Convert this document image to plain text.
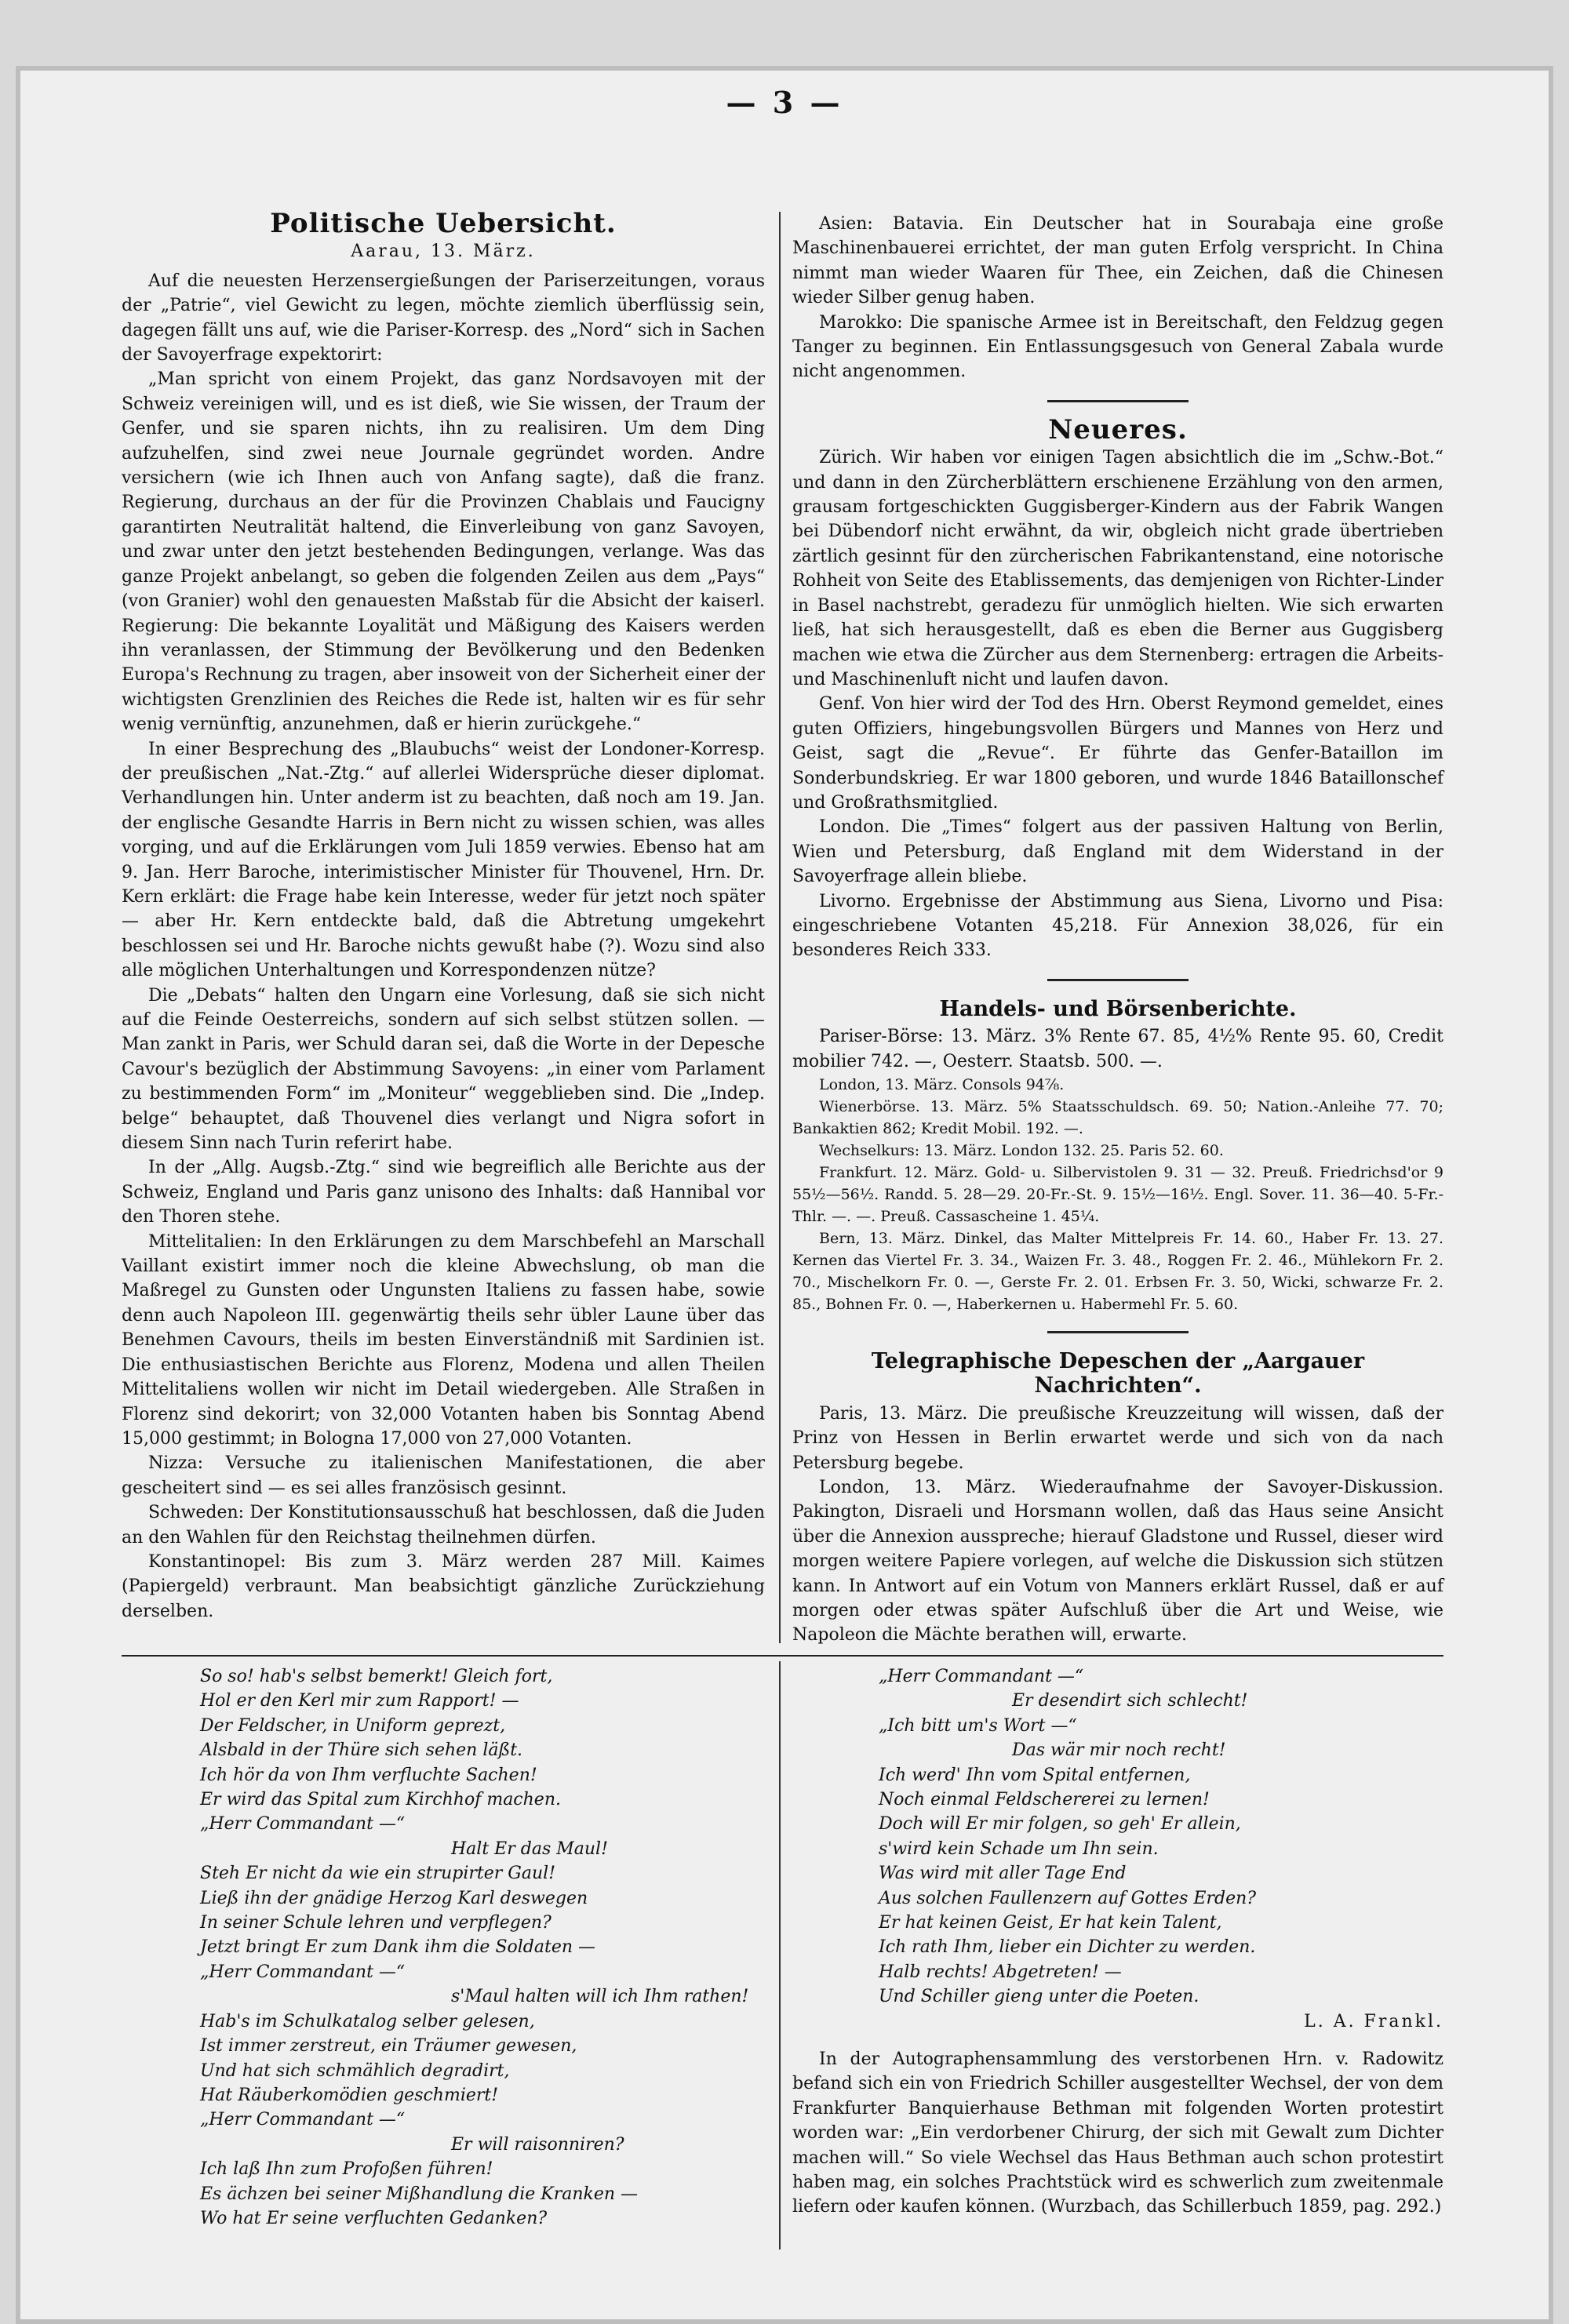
— 3 —
Politische Uebersicht.
Aarau, 13. März.

Auf die neuesten Herzensergießungen der Pariserzeitungen, voraus der „Patrie“, viel Gewicht zu legen, möchte ziemlich überflüssig sein, dagegen fällt uns auf, wie die Pariser-Korresp. des „Nord“ sich in Sachen der Savoyerfrage expektorirt:

„Man spricht von einem Projekt, das ganz Nordsavoyen mit der Schweiz vereinigen will, und es ist dieß, wie Sie wissen, der Traum der Genfer, und sie sparen nichts, ihn zu realisiren. Um dem Ding aufzuhelfen, sind zwei neue Journale gegründet worden. Andre versichern (wie ich Ihnen auch von Anfang sagte), daß die franz. Regierung, durchaus an der für die Provinzen Chablais und Faucigny garantirten Neutralität haltend, die Einverleibung von ganz Savoyen, und zwar unter den jetzt bestehenden Bedingungen, verlange. Was das ganze Projekt anbelangt, so geben die folgenden Zeilen aus dem „Pays“ (von Granier) wohl den genauesten Maßstab für die Absicht der kaiserl. Regierung: Die bekannte Loyalität und Mäßigung des Kaisers werden ihn veranlassen, der Stimmung der Bevölkerung und den Bedenken Europa's Rechnung zu tragen, aber insoweit von der Sicherheit einer der wichtigsten Grenzlinien des Reiches die Rede ist, halten wir es für sehr wenig vernünftig, anzunehmen, daß er hierin zurückgehe.“

In einer Besprechung des „Blaubuchs“ weist der Londoner-Korresp. der preußischen „Nat.-Ztg.“ auf allerlei Widersprüche dieser diplomat. Verhandlungen hin. Unter anderm ist zu beachten, daß noch am 19. Jan. der englische Gesandte Harris in Bern nicht zu wissen schien, was alles vorging, und auf die Erklärungen vom Juli 1859 verwies. Ebenso hat am 9. Jan. Herr Baroche, interimistischer Minister für Thouvenel, Hrn. Dr. Kern erklärt: die Frage habe kein Interesse, weder für jetzt noch später — aber Hr. Kern entdeckte bald, daß die Abtretung umgekehrt beschlossen sei und Hr. Baroche nichts gewußt habe (?). Wozu sind also alle möglichen Unterhaltungen und Korrespondenzen nütze?

Die „Debats“ halten den Ungarn eine Vorlesung, daß sie sich nicht auf die Feinde Oesterreichs, sondern auf sich selbst stützen sollen. — Man zankt in Paris, wer Schuld daran sei, daß die Worte in der Depesche Cavour's bezüglich der Abstimmung Savoyens: „in einer vom Parlament zu bestimmenden Form“ im „Moniteur“ weggeblieben sind. Die „Indep. belge“ behauptet, daß Thouvenel dies verlangt und Nigra sofort in diesem Sinn nach Turin referirt habe.

In der „Allg. Augsb.-Ztg.“ sind wie begreiflich alle Berichte aus der Schweiz, England und Paris ganz unisono des Inhalts: daß Hannibal vor den Thoren stehe.

Mittelitalien: In den Erklärungen zu dem Marschbefehl an Marschall Vaillant existirt immer noch die kleine Abwechslung, ob man die Maßregel zu Gunsten oder Ungunsten Italiens zu fassen habe, sowie denn auch Napoleon III. gegenwärtig theils sehr übler Laune über das Benehmen Cavours, theils im besten Einverständniß mit Sardinien ist. Die enthusiastischen Berichte aus Florenz, Modena und allen Theilen Mittelitaliens wollen wir nicht im Detail wiedergeben. Alle Straßen in Florenz sind dekorirt; von 32,000 Votanten haben bis Sonntag Abend 15,000 gestimmt; in Bologna 17,000 von 27,000 Votanten.

Nizza: Versuche zu italienischen Manifestationen, die aber gescheitert sind — es sei alles französisch gesinnt.

Schweden: Der Konstitutionsausschuß hat beschlossen, daß die Juden an den Wahlen für den Reichstag theilnehmen dürfen.

Konstantinopel: Bis zum 3. März werden 287 Mill. Kaimes (Papiergeld) verbraunt. Man beabsichtigt gänzliche Zurückziehung derselben.

Asien: Batavia. Ein Deutscher hat in Sourabaja eine große Maschinenbauerei errichtet, der man guten Erfolg verspricht. In China nimmt man wieder Waaren für Thee, ein Zeichen, daß die Chinesen wieder Silber genug haben.

Marokko: Die spanische Armee ist in Bereitschaft, den Feldzug gegen Tanger zu beginnen. Ein Entlassungsgesuch von General Zabala wurde nicht angenommen.

Neueres.

Zürich. Wir haben vor einigen Tagen absichtlich die im „Schw.-Bot.“ und dann in den Zürcherblättern erschienene Erzählung von den armen, grausam fortgeschickten Guggisberger-Kindern aus der Fabrik Wangen bei Dübendorf nicht erwähnt, da wir, obgleich nicht grade übertrieben zärtlich gesinnt für den zürcherischen Fabrikantenstand, eine notorische Rohheit von Seite des Etablissements, das demjenigen von Richter-Linder in Basel nachstrebt, geradezu für unmöglich hielten. Wie sich erwarten ließ, hat sich herausgestellt, daß es eben die Berner aus Guggisberg machen wie etwa die Zürcher aus dem Sternenberg: ertragen die Arbeits- und Maschinenluft nicht und laufen davon.

Genf. Von hier wird der Tod des Hrn. Oberst Reymond gemeldet, eines guten Offiziers, hingebungsvollen Bürgers und Mannes von Herz und Geist, sagt die „Revue“. Er führte das Genfer-Bataillon im Sonderbundskrieg. Er war 1800 geboren, und wurde 1846 Bataillonschef und Großrathsmitglied.

London. Die „Times“ folgert aus der passiven Haltung von Berlin, Wien und Petersburg, daß England mit dem Widerstand in der Savoyerfrage allein bliebe.

Livorno. Ergebnisse der Abstimmung aus Siena, Livorno und Pisa: eingeschriebene Votanten 45,218. Für Annexion 38,026, für ein besonderes Reich 333.

Handels- und Börsenberichte.

Pariser-Börse: 13. März. 3% Rente 67. 85, 4½% Rente 95. 60, Credit mobilier 742. —, Oesterr. Staatsb. 500. —.

London, 13. März. Consols 94⅞.

Wienerbörse. 13. März. 5% Staatsschuldsch. 69. 50; Nation.-Anleihe 77. 70; Bankaktien 862; Kredit Mobil. 192. —.

Wechselkurs: 13. März. London 132. 25. Paris 52. 60.

Frankfurt. 12. März. Gold- u. Silbervistolen 9. 31 — 32. Preuß. Friedrichsd'or 9 55½—56½. Randd. 5. 28—29. 20-Fr.-St. 9. 15½—16½. Engl. Sover. 11. 36—40. 5-Fr.-Thlr. —. —. Preuß. Cassascheine 1. 45¼.

Bern, 13. März. Dinkel, das Malter Mittelpreis Fr. 14. 60., Haber Fr. 13. 27. Kernen das Viertel Fr. 3. 34., Waizen Fr. 3. 48., Roggen Fr. 2. 46., Mühlekorn Fr. 2. 70., Mischelkorn Fr. 0. —, Gerste Fr. 2. 01. Erbsen Fr. 3. 50, Wicki, schwarze Fr. 2. 85., Bohnen Fr. 0. —, Haberkernen u. Habermehl Fr. 5. 60.

Telegraphische Depeschen der „Aargauer Nachrichten“.

Paris, 13. März. Die preußische Kreuzzeitung will wissen, daß der Prinz von Hessen in Berlin erwartet werde und sich von da nach Petersburg begebe.

London, 13. März. Wiederaufnahme der Savoyer-Diskussion. Pakington, Disraeli und Horsmann wollen, daß das Haus seine Ansicht über die Annexion ausspreche; hierauf Gladstone und Russel, dieser wird morgen weitere Papiere vorlegen, auf welche die Diskussion sich stützen kann. In Antwort auf ein Votum von Manners erklärt Russel, daß er auf morgen oder etwas später Aufschluß über die Art und Weise, wie Napoleon die Mächte berathen will, erwarte.

So so! hab's selbst bemerkt! Gleich fort,
Hol er den Kerl mir zum Rapport! —
Der Feldscher, in Uniform geprezt,
Alsbald in der Thüre sich sehen läßt.
Ich hör da von Ihm verfluchte Sachen!
Er wird das Spital zum Kirchhof machen.
„Herr Commandant —“
Halt Er das Maul!
Steh Er nicht da wie ein strupirter Gaul!
Ließ ihn der gnädige Herzog Karl deswegen
In seiner Schule lehren und verpflegen?
Jetzt bringt Er zum Dank ihm die Soldaten —
„Herr Commandant —“
s'Maul halten will ich Ihm rathen!
Hab's im Schulkatalog selber gelesen,
Ist immer zerstreut, ein Träumer gewesen,
Und hat sich schmählich degradirt,
Hat Räuberkomödien geschmiert!
„Herr Commandant —“
Er will raisonniren?
Ich laß Ihn zum Profoßen führen!
Es ächzen bei seiner Mißhandlung die Kranken —
Wo hat Er seine verfluchten Gedanken?
„Herr Commandant —“
Er desendirt sich schlecht!
„Ich bitt um's Wort —“
Das wär mir noch recht!
Ich werd' Ihn vom Spital entfernen,
Noch einmal Feldschererei zu lernen!
Doch will Er mir folgen, so geh' Er allein,
s'wird kein Schade um Ihn sein.
Was wird mit aller Tage End
Aus solchen Faullenzern auf Gottes Erden?
Er hat keinen Geist, Er hat kein Talent,
Ich rath Ihm, lieber ein Dichter zu werden.
Halb rechts! Abgetreten! —
Und Schiller gieng unter die Poeten.
L. A. Frankl.

In der Autographensammlung des verstorbenen Hrn. v. Radowitz befand sich ein von Friedrich Schiller ausgestellter Wechsel, der von dem Frankfurter Banquierhause Bethman mit folgenden Worten protestirt worden war: „Ein verdorbener Chirurg, der sich mit Gewalt zum Dichter machen will.“ So viele Wechsel das Haus Bethman auch schon protestirt haben mag, ein solches Prachtstück wird es schwerlich zum zweitenmale liefern oder kaufen können. (Wurzbach, das Schillerbuch 1859, pag. 292.)
